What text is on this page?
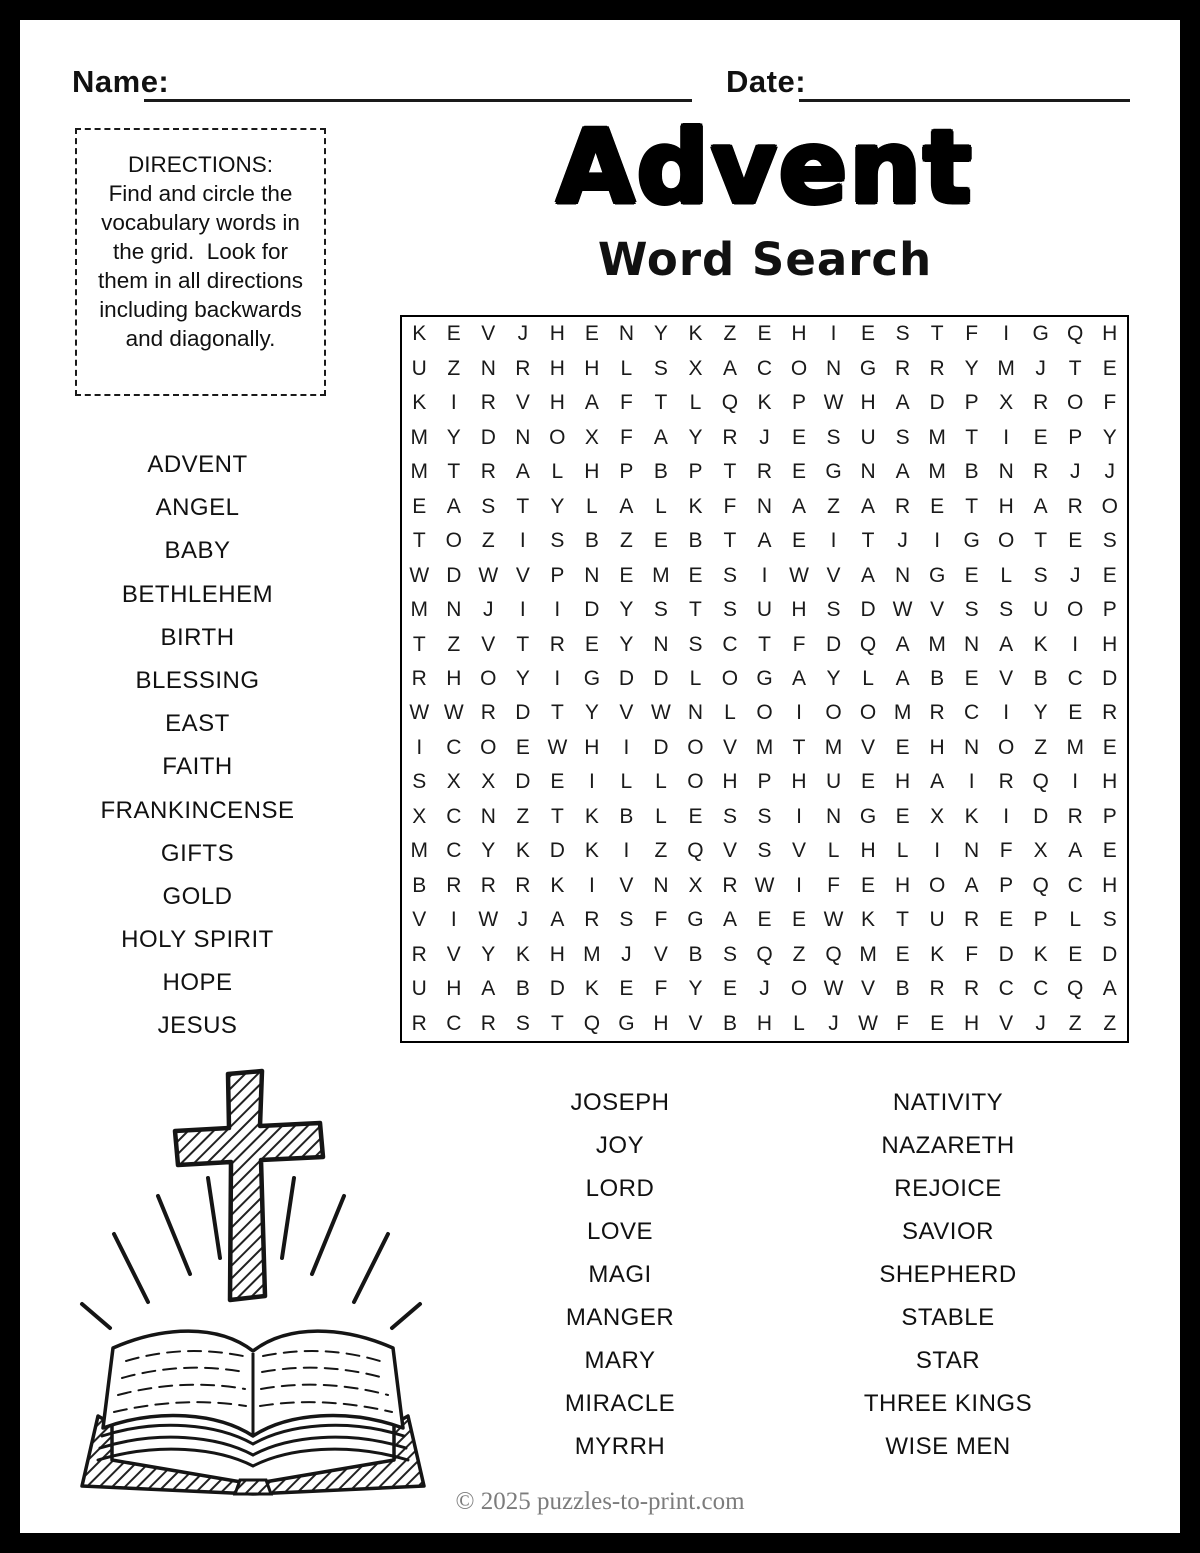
Name:	Date:
DIRECTIONS:
Find and circle the vocabulary words in the grid.  Look for them in all directions including backwards and diagonally.
Advent
Word Search
K E V	J	H E N Y K	Z	E H	I	E S	T	F	I	G Q H
U Z N R H H	L	S X A C O N G R R Y M J	T	E
K	I	R V H A	F	T	L Q K P W H A D P X R O F
M Y D N O X	F	A Y R	J	E S U S M T	I	E P Y
M T R A	L	H P B P	T R E G N A M B N R	J	J
E A S	T	Y	L	A	L	K	F N A	Z	A R E	T H A R O
T O Z	I	S B	Z	E B	T	A E	I	T	J	I	G O T	E S
W D W V P N E M E S	I	W V A N G E	L	S	J	E
M N	J	I	I	D Y S	T	S U H S D W V S S U O P
T	Z	V	T R E Y N S C T	F D Q A M N A K	I	H
R H O Y	I	G D D	L O G A Y	L	A B E V B C D
W W R D T	Y V W N	L O	I	O O M R C	I	Y E R
I	C O E W H	I	D O V M T M V E H N O Z M E
S X X D E	I	L	L O H P H U E H A	I	R Q	I	H
X C N Z	T	K B	L	E S S	I	N G E X K	I	D R P
M C Y K D K	I	Z Q V S V	L	H	L	I	N F	X A E
B R R R K	I	V N X R W	I	F	E H O A P Q C H
V	I	W J	A R S	F G A E E W K	T U R E P	L	S
R V Y K H M J	V B S Q Z Q M E K	F D K E D
U H A B D K E	F	Y E	J	O W V B R R C C Q A
R C R S	T Q G H V B H	L	J W F	E H V	J	Z	Z
ADVENT
ANGEL
BABY
BETHLEHEM
BIRTH
BLESSING
EAST
FAITH
FRANKINCENSE
GIFTS
GOLD
HOLY SPIRIT
HOPE
JESUS
JOSEPH
JOY
LORD
LOVE
MAGI
MANGER
MARY
MIRACLE
MYRRH
NATIVITY
NAZARETH
REJOICE
SAVIOR
SHEPHERD
STABLE
STAR
THREE KINGS
WISE MEN
© 2025 puzzles-to-print.com
